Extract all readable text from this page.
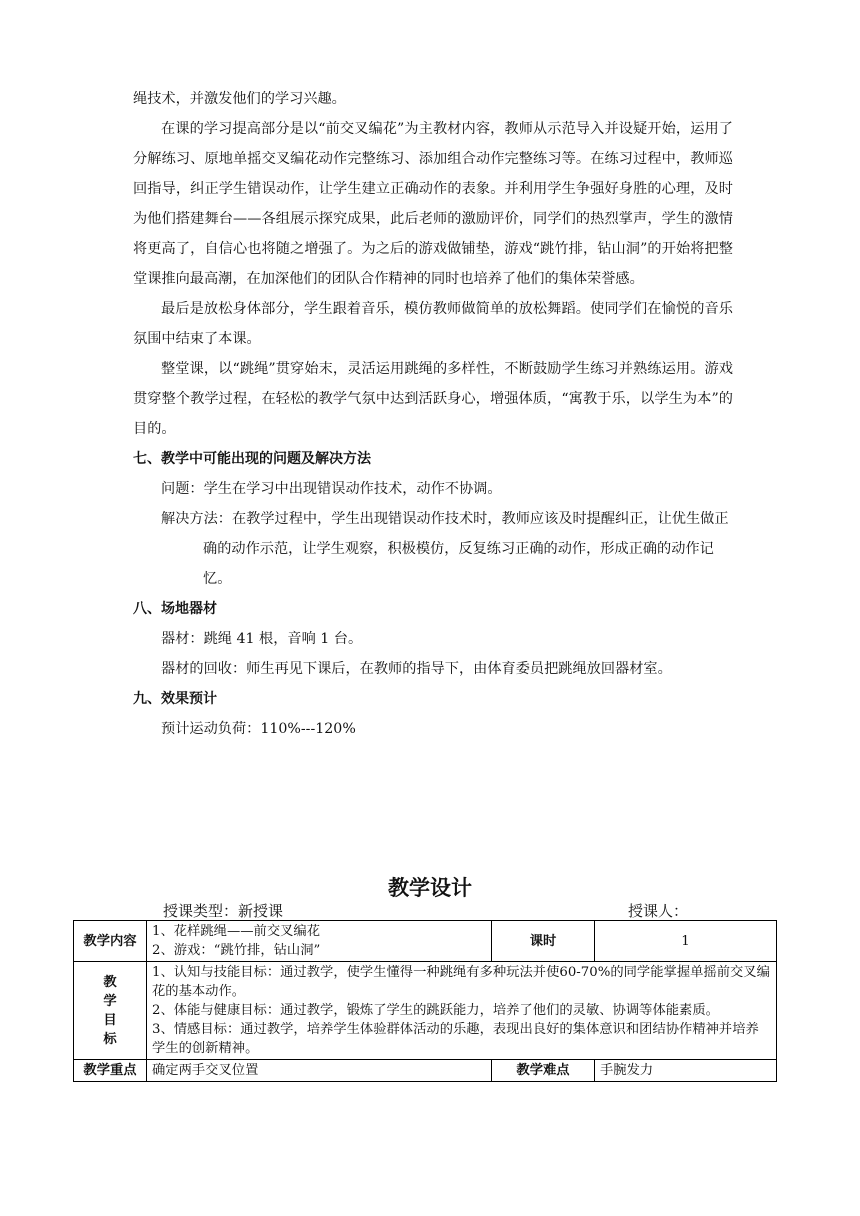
绳技术，并激发他们的学习兴趣。

在课的学习提高部分是以“前交叉编花”为主教材内容，教师从示范导入并设疑开始，运用了分解练习、原地单摇交叉编花动作完整练习、添加组合动作完整练习等。在练习过程中，教师巡回指导，纠正学生错误动作，让学生建立正确动作的表象。并利用学生争强好身胜的心理，及时为他们搭建舞台——各组展示探究成果，此后老师的激励评价，同学们的热烈掌声，学生的激情将更高了，自信心也将随之增强了。为之后的游戏做铺垫，游戏“跳竹排，钻山洞”的开始将把整堂课推向最高潮，在加深他们的团队合作精神的同时也培养了他们的集体荣誉感。

最后是放松身体部分，学生跟着音乐，模仿教师做简单的放松舞蹈。使同学们在愉悦的音乐氛围中结束了本课。

整堂课，以“跳绳”贯穿始末，灵活运用跳绳的多样性，不断鼓励学生练习并熟练运用。游戏贯穿整个教学过程，在轻松的教学气氛中达到活跃身心，增强体质，“寓教于乐，以学生为本”的目的。

七、教学中可能出现的问题及解决方法

问题：学生在学习中出现错误动作技术，动作不协调。

解决方法：在教学过程中，学生出现错误动作技术时，教师应该及时提醒纠正，让优生做正确的动作示范，让学生观察，积极模仿，反复练习正确的动作，形成正确的动作记忆。

八、场地器材

器材：跳绳 41 根，音响 1 台。

器材的回收：师生再见下课后，在教师的指导下，由体育委员把跳绳放回器材室。

九、效果预计

预计运动负荷：110%---120%

教学设计
授课类型：新授课	授课人：
教学内容	1、花样跳绳——前交叉编花
2、游戏：“跳竹排，钻山洞”	课时	1
教学目标	1、认知与技能目标：通过教学，使学生懂得一种跳绳有多种玩法并使60-70%的同学能掌握单摇前交叉编花的基本动作。
2、体能与健康目标：通过教学，锻炼了学生的跳跃能力，培养了他们的灵敏、协调等体能素质。
3、情感目标：通过教学，培养学生体验群体活动的乐趣，表现出良好的集体意识和团结协作精神并培养学生的创新精神。		

教学重点	确定两手交叉位置	教学难点	手腕发力
